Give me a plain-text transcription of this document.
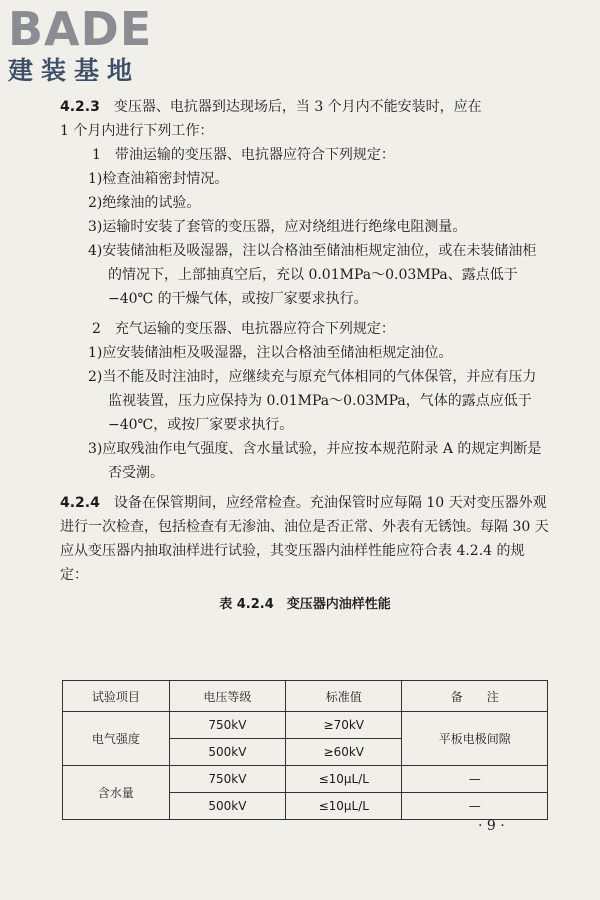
BADE
建装基地

4.2.3　 变压器、电抗器到达现场后，当 3 个月内不能安装时，应在
1 个月内进行下列工作：

1　带油运输的变压器、电抗器应符合下列规定：

1)检查油箱密封情况。

2)绝缘油的试验。

3)运输时安装了套管的变压器，应对绕组进行绝缘电阻测量。

4)安装储油柜及吸湿器，注以合格油至储油柜规定油位，或在未装储油柜的情况下，上部抽真空后，充以 0.01MPa～0.03MPa、露点低于 −40℃ 的干燥气体，或按厂家要求执行。

2　充气运输的变压器、电抗器应符合下列规定：

1)应安装储油柜及吸湿器，注以合格油至储油柜规定油位。

2)当不能及时注油时，应继续充与原充气体相同的气体保管，并应有压力监视装置，压力应保持为 0.01MPa～0.03MPa，气体的露点应低于 −40℃，或按厂家要求执行。

3)应取残油作电气强度、含水量试验，并应按本规范附录 A 的规定判断是否受潮。

4.2.4　 设备在保管期间，应经常检查。充油保管时应每隔 10 天对变压器外观进行一次检查，包括检查有无渗油、油位是否正常、外表有无锈蚀。每隔 30 天应从变压器内抽取油样进行试验，其变压器内油样性能应符合表 4.2.4 的规定：

表 4.2.4　变压器内油样性能
试验项目	电压等级	标准值	备　　注
电气强度	750kV	≥70kV	平板电极间隙
	500kV	≥60kV	
含水量	750kV	≤10μL/L	—
	500kV	≤10μL/L	—
· 9 ·
